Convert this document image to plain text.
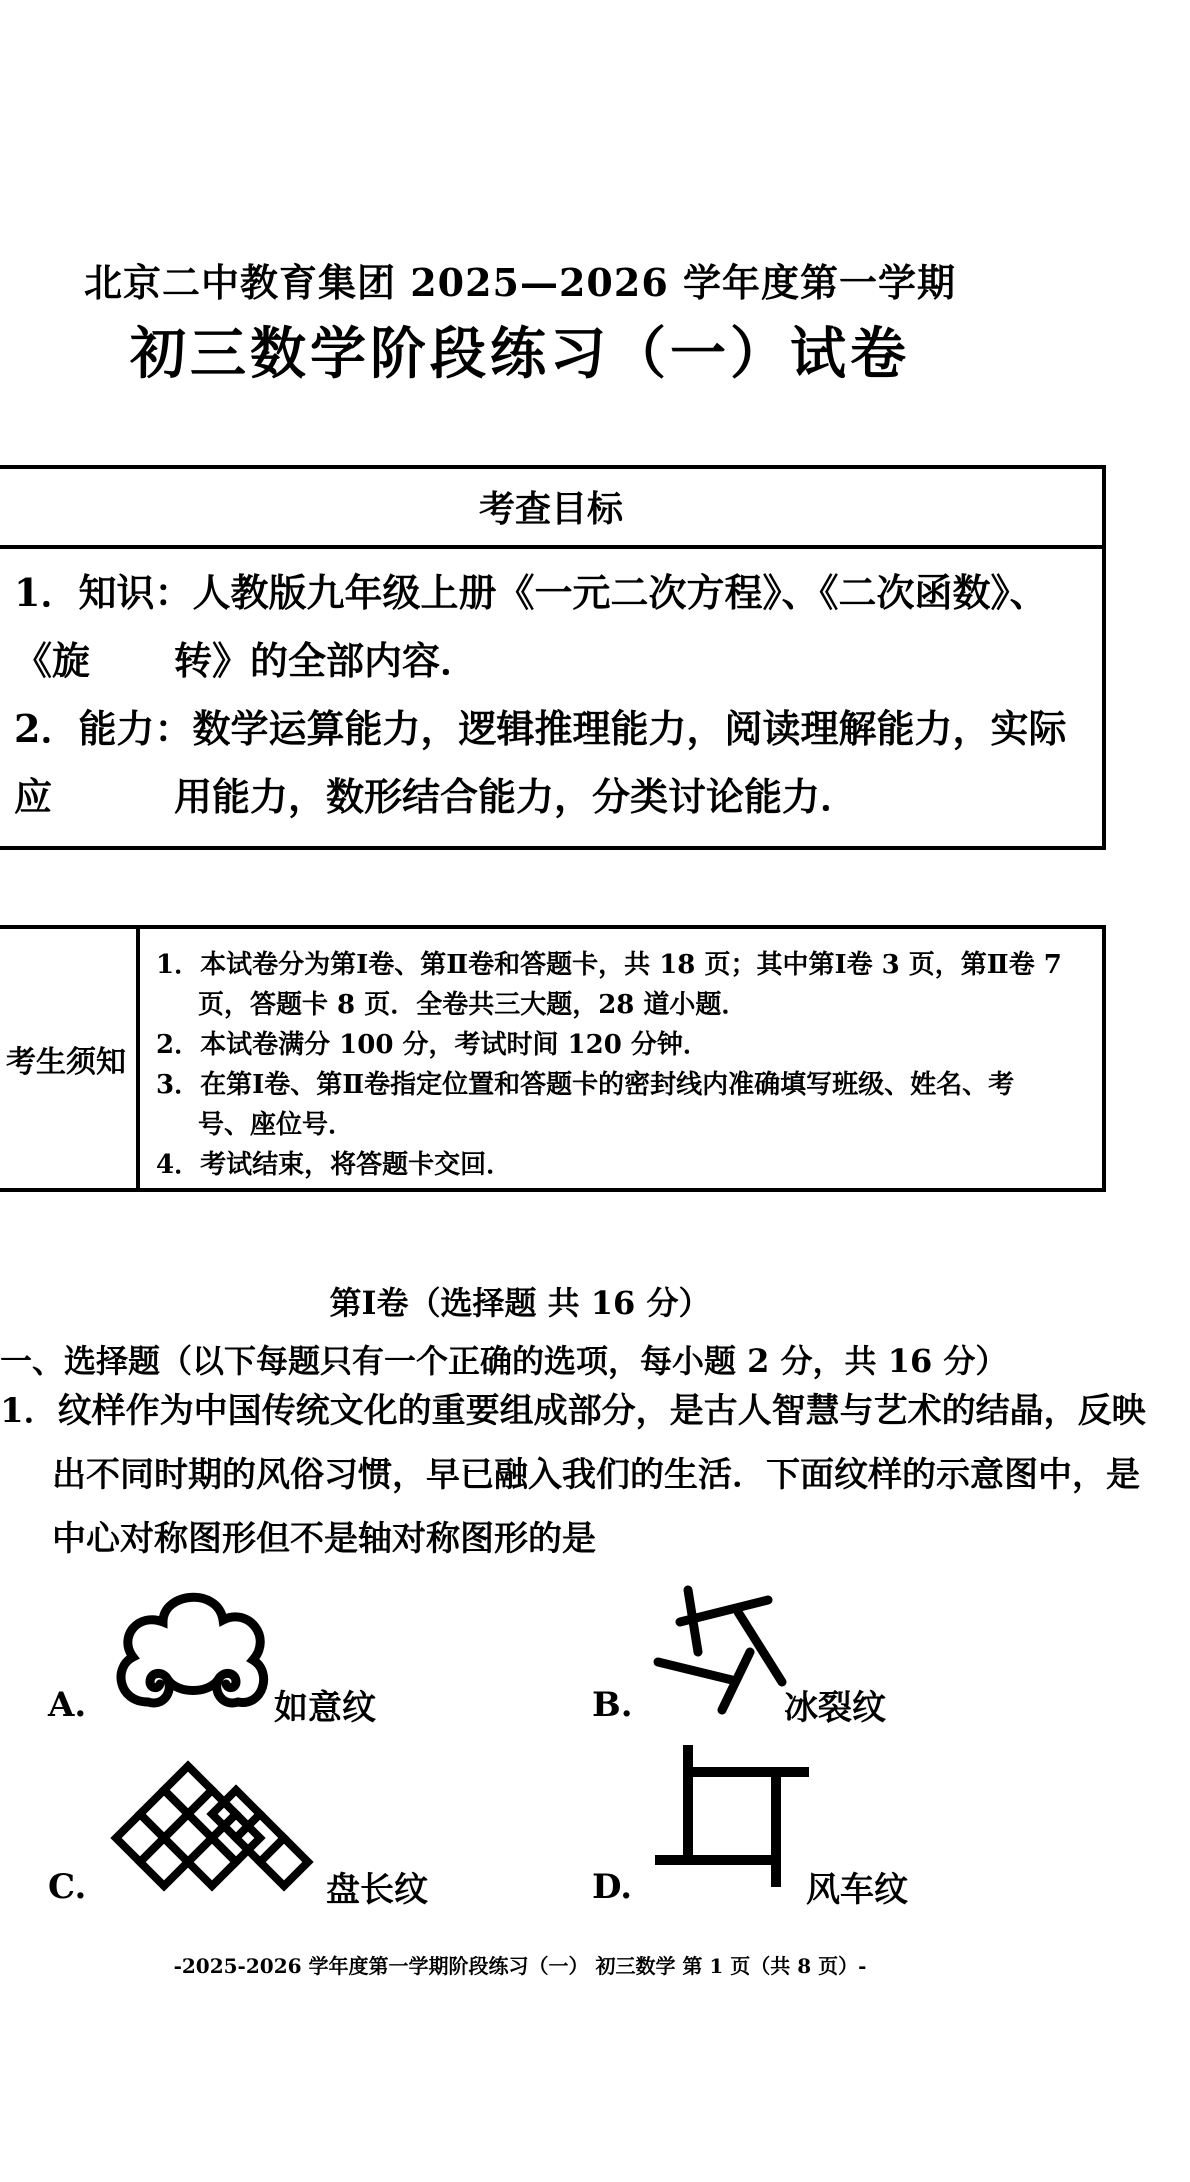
北京二中教育集团 2025—2026 学年度第一学期
初三数学阶段练习（一）试卷
考查目标
1．知识：人教版九年级上册《一元二次方程》、《二次函数》、《旋	转》的全部内容．
2．能力：数学运算能力，逻辑推理能力，阅读理解能力，实际应	用能力，数形结合能力，分类讨论能力．
考生须知
1．本试卷分为第Ⅰ卷、第Ⅱ卷和答题卡，共 18 页；其中第Ⅰ卷 3 页，第Ⅱ卷 7
页，答题卡 8 页．全卷共三大题，28 道小题．
2．本试卷满分 100 分，考试时间 120 分钟．
3．在第Ⅰ卷、第Ⅱ卷指定位置和答题卡的密封线内准确填写班级、姓名、考
号、座位号．
4．考试结束，将答题卡交回．
第Ⅰ卷（选择题 共 16 分）
一、选择题（以下每题只有一个正确的选项，每小题 2 分，共 16 分）
1．纹样作为中国传统文化的重要组成部分，是古人智慧与艺术的结晶，反映
出不同时期的风俗习惯，早已融入我们的生活．下面纹样的示意图中，是
中心对称图形但不是轴对称图形的是
A.	如意纹	B.	冰裂纹
C.	盘长纹	D.	风车纹
-2025-2026 学年度第一学期阶段练习（一） 初三数学 第 1 页（共 8 页）-
